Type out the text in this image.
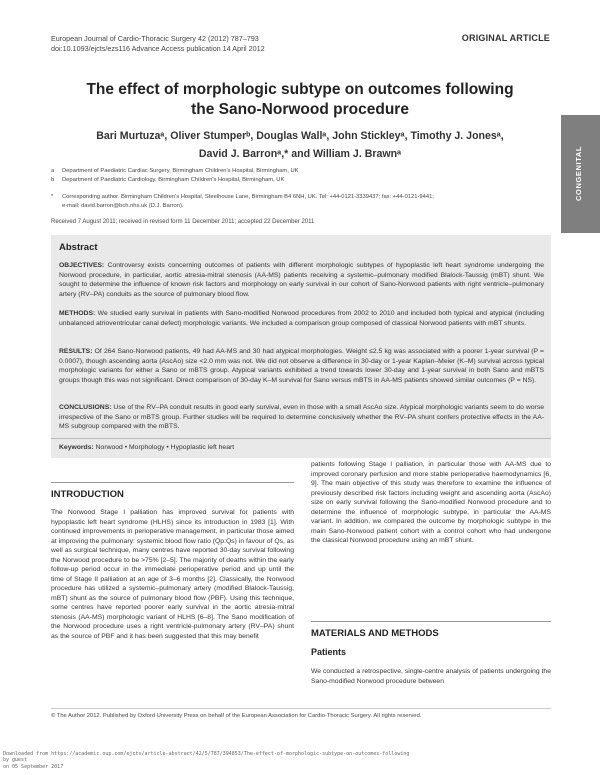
European Journal of Cardio-Thoracic Surgery 42 (2012) 787–793
doi:10.1093/ejcts/ezs116 Advance Access publication 14 April 2012
ORIGINAL ARTICLE
CONGENITAL
The effect of morphologic subtype on outcomes following
the Sano-Norwood procedure
Bari Murtuzaᵃ, Oliver Stumperᵇ, Douglas Wallᵃ, John Stickleyᵃ, Timothy J. Jonesᵃ,
David J. Barronᵃ,* and William J. Brawnᵃ
a Department of Paediatric Cardiac Surgery, Birmingham Children's Hospital, Birmingham, UK
b Department of Paediatric Cardiology, Birmingham Children's Hospital, Birmingham, UK
* Corresponding author. Birmingham Children's Hospital, Steelhouse Lane, Birmingham B4 6NH, UK. Tel: +44-0121-3339437; fax: +44-0121-9441;
e-mail: david.barron@bch.nhs.uk (D.J. Barron).
Received 7 August 2011; received in revised form 11 December 2011; accepted 22 December 2011
Abstract

OBJECTIVES: Controversy exists concerning outcomes of patients with different morphologic subtypes of hypoplastic left heart syndrome undergoing the Norwood procedure, in particular, aortic atresia-mitral stenosis (AA-MS) patients receiving a systemic–pulmonary modified Blalock-Taussig (mBT) shunt. We sought to determine the influence of known risk factors and morphology on early survival in our cohort of Sano-Norwood patients with right ventricle–pulmonary artery (RV–PA) conduits as the source of pulmonary blood flow.

METHODS: We studied early survival in patients with Sano-modified Norwood procedures from 2002 to 2010 and included both typical and atypical (including unbalanced atrioventricular canal defect) morphologic variants. We included a comparison group composed of classical Norwood patients with mBT shunts.

RESULTS: Of 264 Sano-Norwood patients, 49 had AA-MS and 30 had atypical morphologies. Weight ≤2.5 kg was associated with a poorer 1-year survival (P = 0.0007), though ascending aorta (AscAo) size <2.0 mm was not. We did not observe a difference in 30-day or 1-year Kaplan–Meier (K–M) survival across typical morphologic variants for either a Sano or mBTS group. Atypical variants exhibited a trend towards lower 30-day and 1-year survival in both Sano and mBTS groups though this was not significant. Direct comparison of 30-day K–M survival for Sano versus mBTS in AA-MS patients showed similar outcomes (P = NS).

CONCLUSIONS: Use of the RV–PA conduit results in good early survival, even in those with a small AscAo size. Atypical morphologic variants seem to do worse irrespective of the Sano or mBTS group. Further studies will be required to determine conclusively whether the RV–PA shunt confers protective effects in the AA-MS subgroup compared with the mBTS.

Keywords: Norwood • Morphology • Hypoplastic left heart
INTRODUCTION
The Norwood Stage I palliation has improved survival for patients with hypoplastic left heart syndrome (HLHS) since its introduction in 1983 [1]. With continued improvements in perioperative management, in particular those aimed at improving the pulmonary: systemic blood flow ratio (Qp:Qs) in favour of Qs, as well as surgical technique, many centres have reported 30-day survival following the Norwood procedure to be >75% [2–5]. The majority of deaths within the early follow-up period occur in the immediate perioperative period and up until the time of Stage II palliation at an age of 3–6 months [2]. Classically, the Norwood procedure has utilized a systemic–pulmonary artery (modified Blalock-Taussig, mBT) shunt as the source of pulmonary blood flow (PBF). Using this technique, some centres have reported poorer early survival in the aortic atresia-mitral stenosis (AA-MS) morphologic variant of HLHS [6–8]. The Sano modification of the Norwood procedure uses a right ventricle-pulmonary artery (RV–PA) shunt as the source of PBF and it has been suggested that this may benefit
patients following Stage I palliation, in particular those with AA-MS due to improved coronary perfusion and more stable perioperative haemodynamics [6, 9]. The main objective of this study was therefore to examine the influence of previously described risk factors including weight and ascending aorta (AscAo) size on early survival following the Sano-modified Norwood procedure and to determine the influence of morphologic subtype, in particular the AA-MS variant. In addition, we compared the outcome by morphologic subtype in the main Sano-Norwood patient cohort with a control cohort who had undergone the classical Norwood procedure using an mBT shunt.
MATERIALS AND METHODS
Patients
We conducted a retrospective, single-centre analysis of patients undergoing the Sano-modified Norwood procedure between
© The Author 2012. Published by Oxford University Press on behalf of the European Association for Cardio-Thoracic Surgery. All rights reserved.
Downloaded from https://academic.oup.com/ejcts/article-abstract/42/5/787/394853/The-effect-of-morphologic-subtype-on-outcomes-following
by guest
on 05 September 2017
